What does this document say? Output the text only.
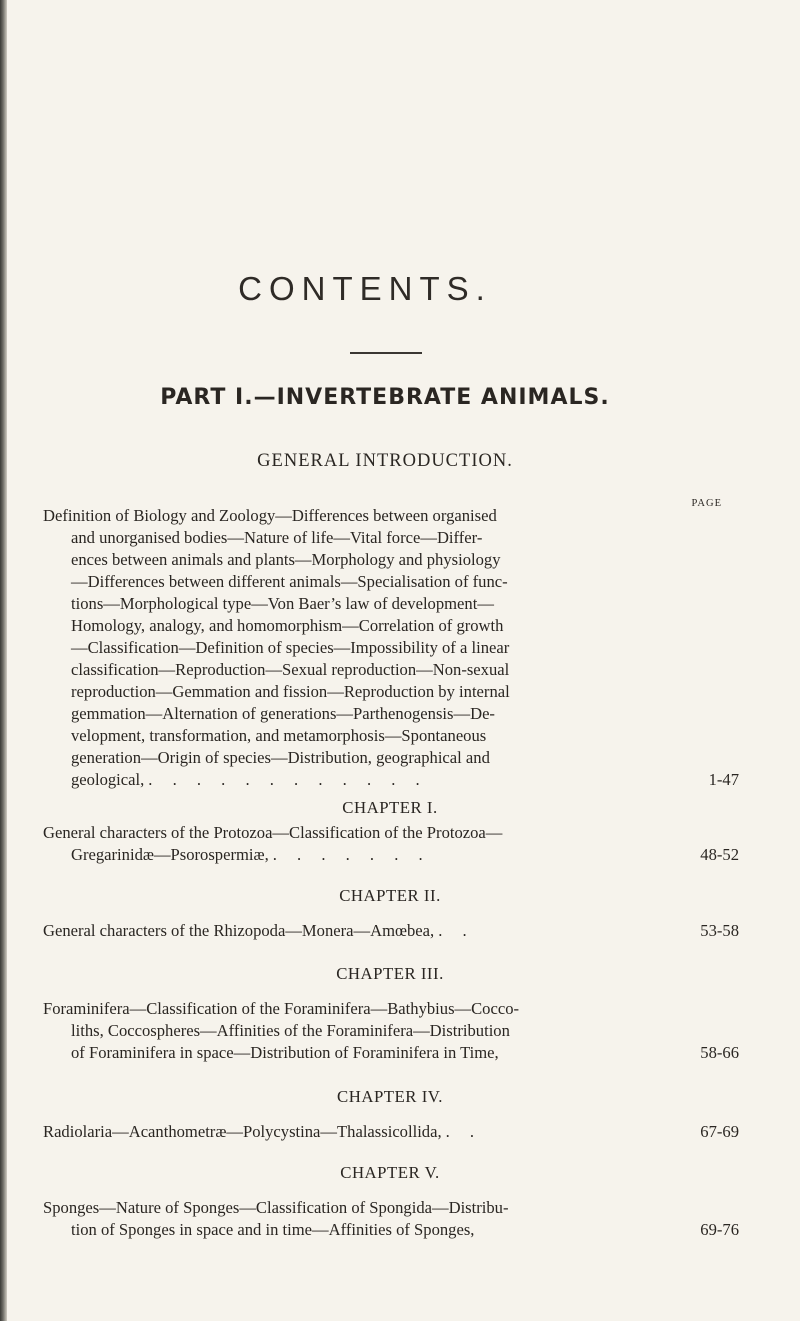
CONTENTS.
PART I.—INVERTEBRATE ANIMALS.
GENERAL INTRODUCTION.
PAGE
Definition of Biology and Zoology—Differences between organised
and unorganised bodies—Nature of life—Vital force—Differ-
ences between animals and plants—Morphology and physiology
—Differences between different animals—Specialisation of func-
tions—Morphological type—Von Baer’s law of development—
Homology, analogy, and homomorphism—Correlation of growth
—Classification—Definition of species—Impossibility of a linear
classification—Reproduction—Sexual reproduction—Non-sexual
reproduction—Gemmation and fission—Reproduction by internal
gemmation—Alternation of generations—Parthenogensis—De-
velopment, transformation, and metamorphosis—Spontaneous
generation—Origin of species—Distribution, geographical and
geological, . . . . . . . . . . . .	1-47
CHAPTER I.
General characters of the Protozoa—Classification of the Protozoa—
Gregarinidæ—Psorospermiæ, . . . . . . .	48-52
CHAPTER II.
General characters of the Rhizopoda—Monera—Amœbea, . .	53-58
CHAPTER III.
Foraminifera—Classification of the Foraminifera—Bathybius—Cocco-
liths, Coccospheres—Affinities of the Foraminifera—Distribution
of Foraminifera in space—Distribution of Foraminifera in Time,	58-66
CHAPTER IV.
Radiolaria—Acanthometræ—Polycystina—Thalassicollida, . .	67-69
CHAPTER V.
Sponges—Nature of Sponges—Classification of Spongida—Distribu-
tion of Sponges in space and in time—Affinities of Sponges,	69-76
